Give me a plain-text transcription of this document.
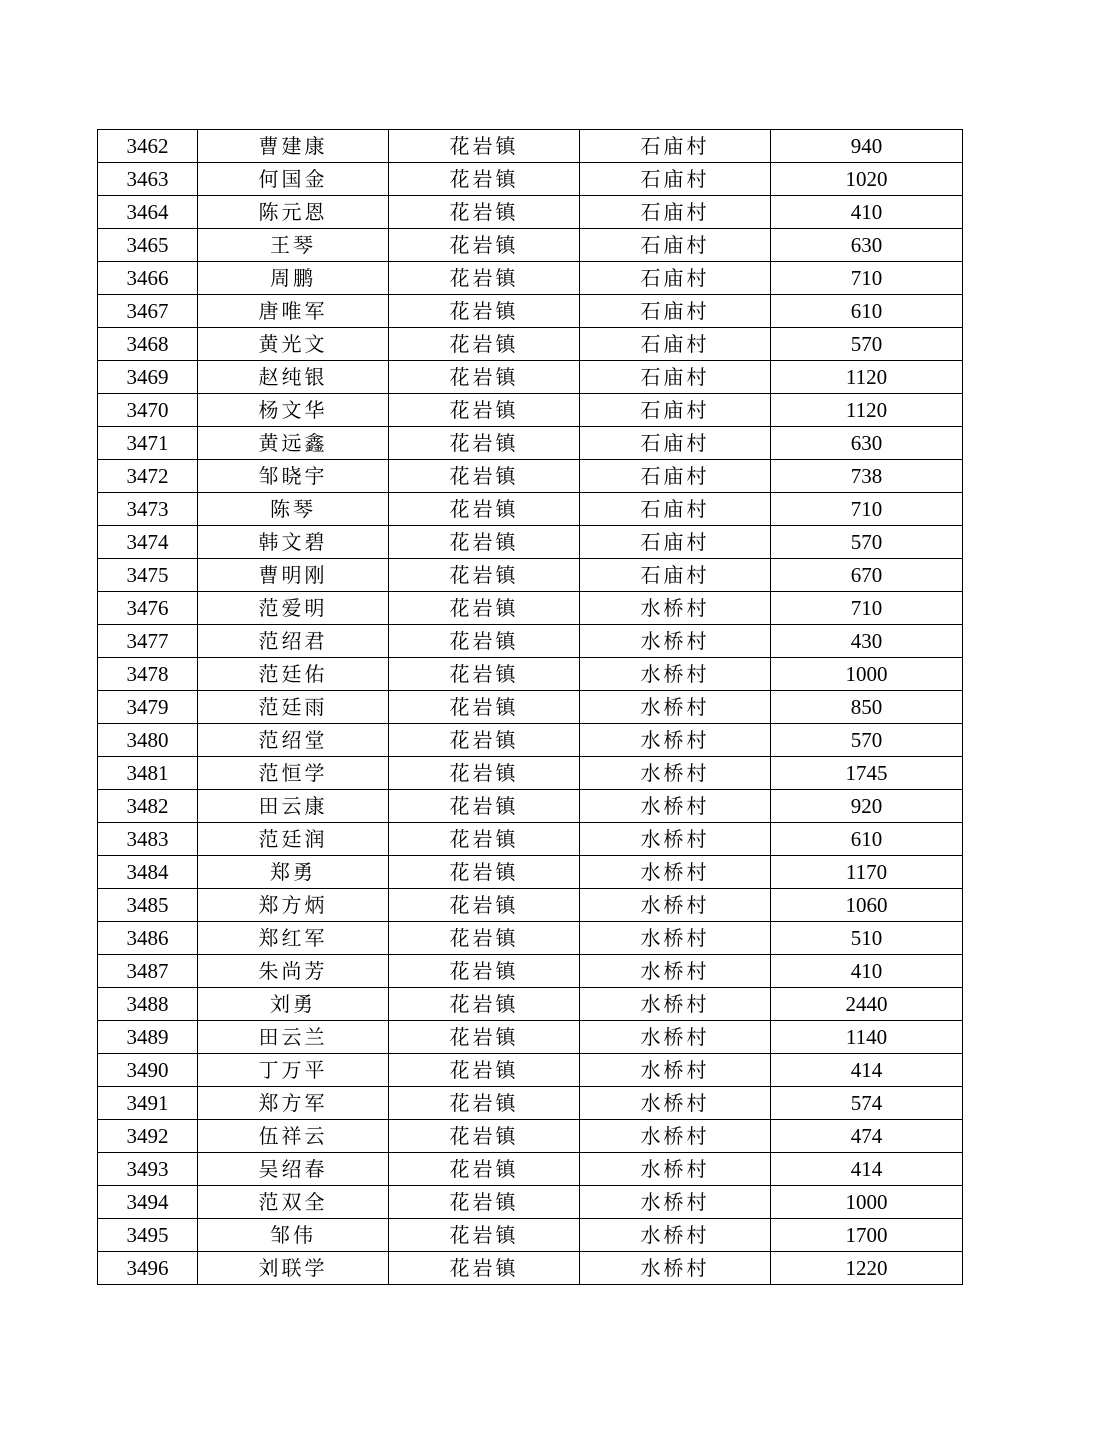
3462	曹建康	花岩镇	石庙村	940
3463	何国金	花岩镇	石庙村	1020
3464	陈元恩	花岩镇	石庙村	410
3465	王琴	花岩镇	石庙村	630
3466	周鹏	花岩镇	石庙村	710
3467	唐唯军	花岩镇	石庙村	610
3468	黄光文	花岩镇	石庙村	570
3469	赵纯银	花岩镇	石庙村	1120
3470	杨文华	花岩镇	石庙村	1120
3471	黄远鑫	花岩镇	石庙村	630
3472	邹晓宇	花岩镇	石庙村	738
3473	陈琴	花岩镇	石庙村	710
3474	韩文碧	花岩镇	石庙村	570
3475	曹明刚	花岩镇	石庙村	670
3476	范爱明	花岩镇	水桥村	710
3477	范绍君	花岩镇	水桥村	430
3478	范廷佑	花岩镇	水桥村	1000
3479	范廷雨	花岩镇	水桥村	850
3480	范绍堂	花岩镇	水桥村	570
3481	范恒学	花岩镇	水桥村	1745
3482	田云康	花岩镇	水桥村	920
3483	范廷润	花岩镇	水桥村	610
3484	郑勇	花岩镇	水桥村	1170
3485	郑方炳	花岩镇	水桥村	1060
3486	郑红军	花岩镇	水桥村	510
3487	朱尚芳	花岩镇	水桥村	410
3488	刘勇	花岩镇	水桥村	2440
3489	田云兰	花岩镇	水桥村	1140
3490	丁万平	花岩镇	水桥村	414
3491	郑方军	花岩镇	水桥村	574
3492	伍祥云	花岩镇	水桥村	474
3493	吴绍春	花岩镇	水桥村	414
3494	范双全	花岩镇	水桥村	1000
3495	邹伟	花岩镇	水桥村	1700
3496	刘联学	花岩镇	水桥村	1220
